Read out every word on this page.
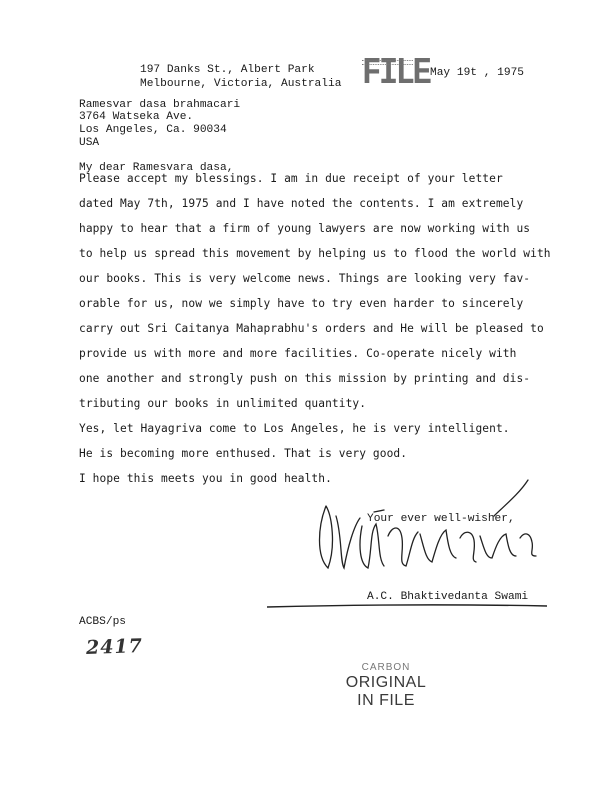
197 Danks St., Albert Park
Melbourne, Victoria, Australia FILE May 19t , 1975
Ramesvar dasa brahmacari
3764 Watseka Ave.
Los Angeles, Ca. 90034
USA
My dear Ramesvara dasa,
Please accept my blessings. I am in due receipt of your letter
dated May 7th, 1975 and I have noted the contents. I am extremely
happy to hear that a firm of young lawyers are now working with us
to help us spread this movement by helping us to flood the world with
our books. This is very welcome news. Things are looking very fav-
orable for us, now we simply have to try even harder to sincerely
carry out Sri Caitanya Mahaprabhu's orders and He will be pleased to
provide us with more and more facilities. Co-operate nicely with
one another and strongly push on this mission by printing and dis-
tributing our books in unlimited quantity.
Yes, let Hayagriva come to Los Angeles, he is very intelligent.
He is becoming more enthused. That is very good.
I hope this meets you in good health.
Your ever well-wisher,
A.C. Bhaktivedanta Swami
ACBS/ps
2417
CARBON
ORIGINAL
IN FILE
